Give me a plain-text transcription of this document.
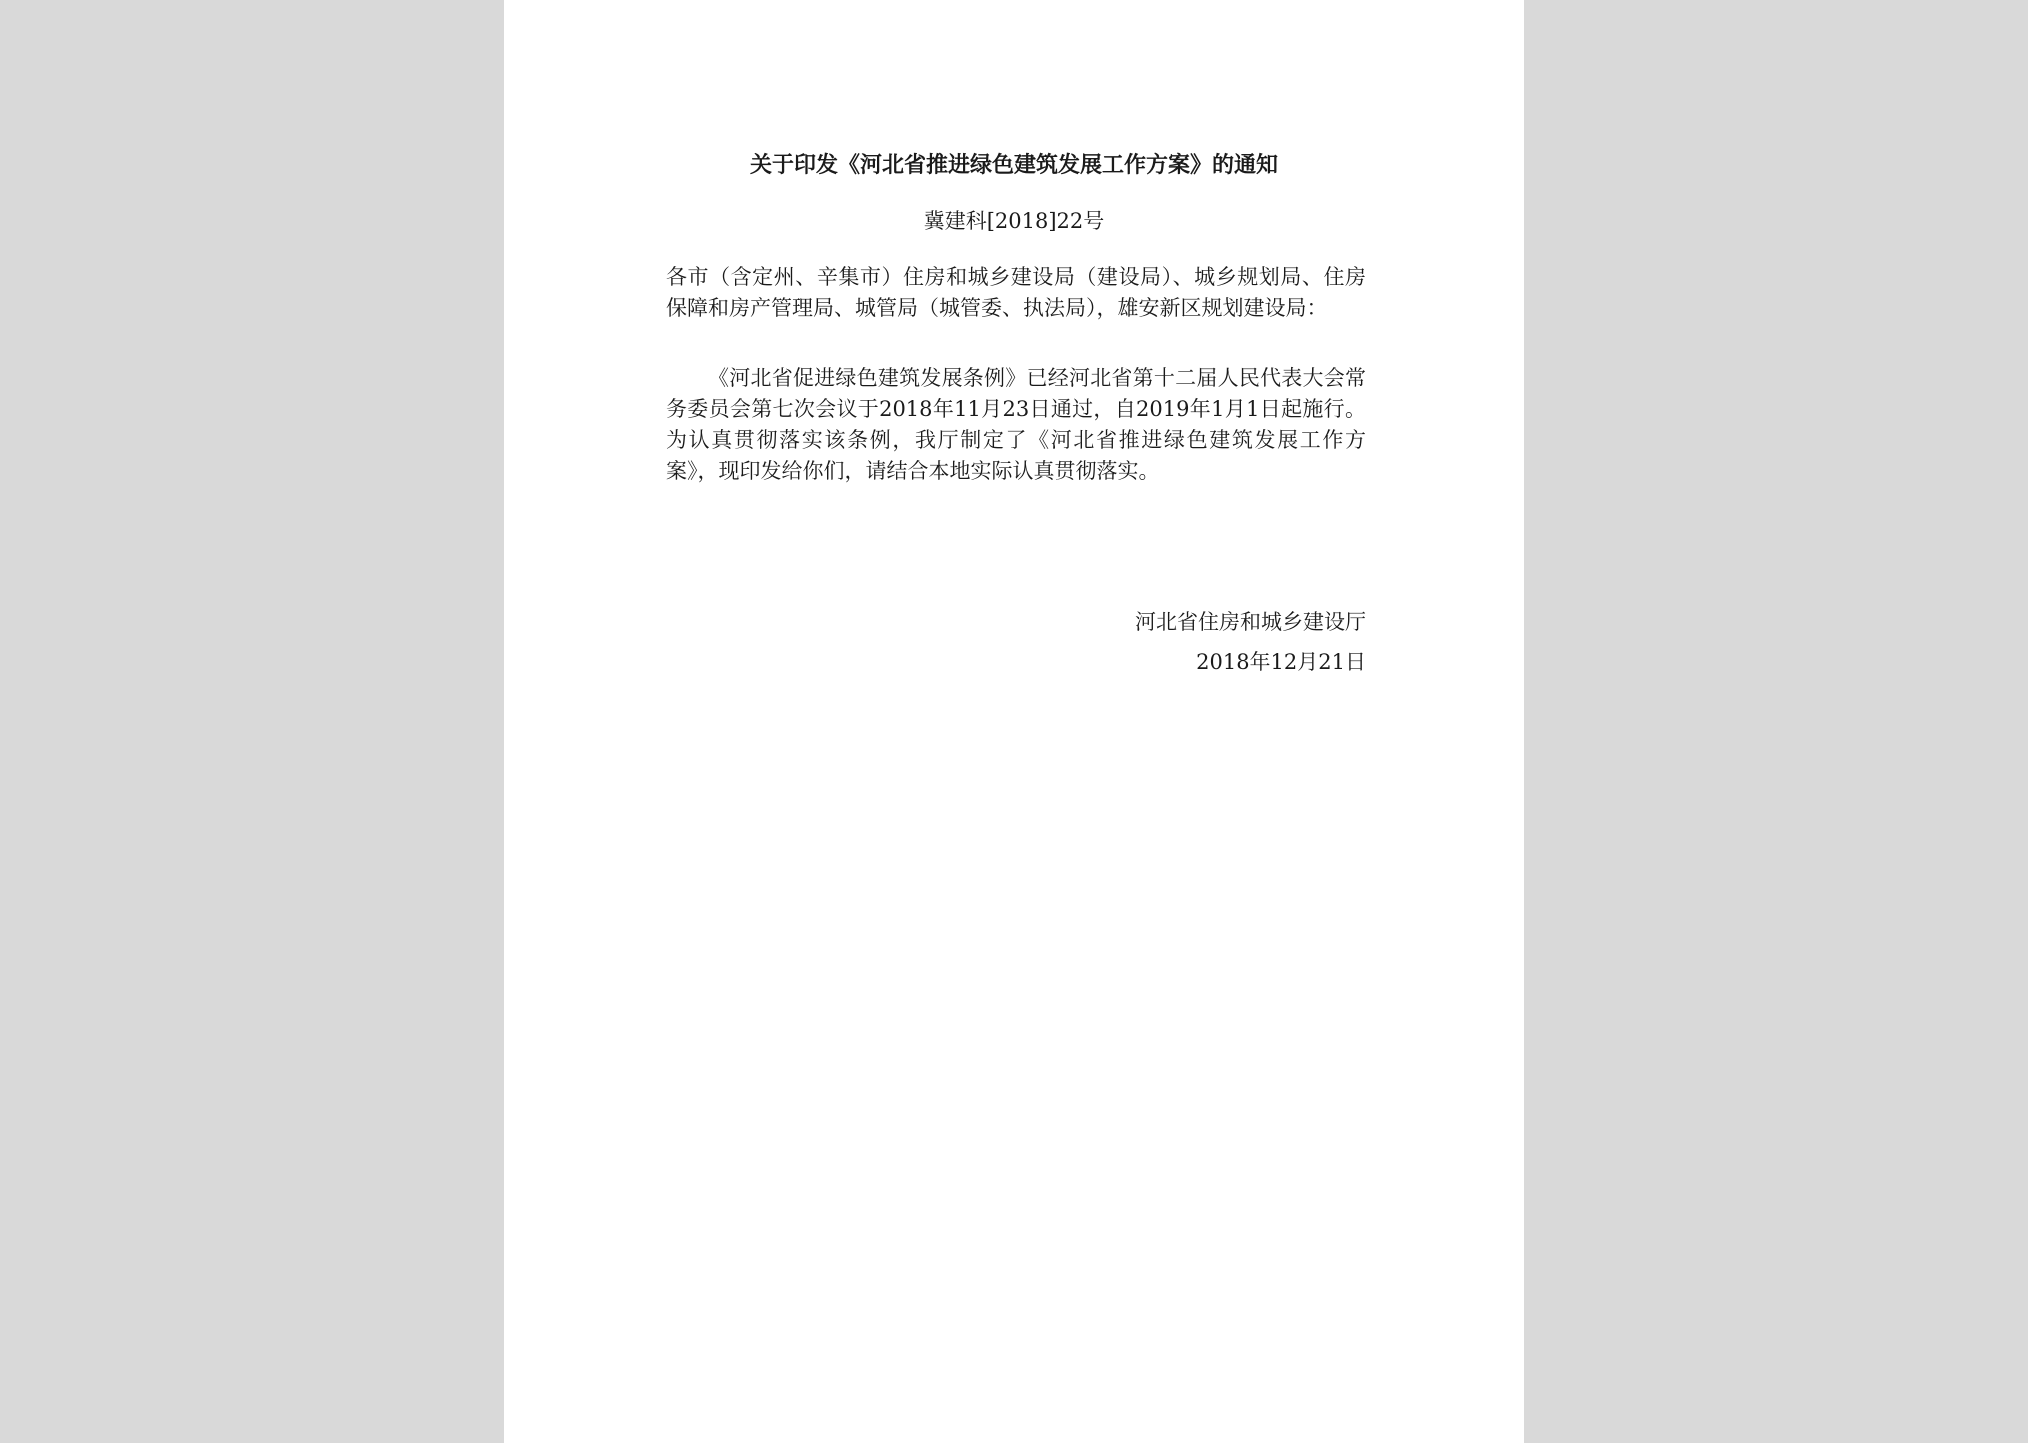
关于印发《河北省推进绿色建筑发展工作方案》的通知
冀建科[2018]22号
各市（含定州、辛集市）住房和城乡建设局（建设局）、城乡规划局、住房保障和房产管理局、城管局（城管委、执法局），雄安新区规划建设局：
《河北省促进绿色建筑发展条例》已经河北省第十二届人民代表大会常务委员会第七次会议于2018年11月23日通过，自2019年1月1日起施行。为认真贯彻落实该条例，我厅制定了《河北省推进绿色建筑发展工作方案》，现印发给你们，请结合本地实际认真贯彻落实。
河北省住房和城乡建设厅
2018年12月21日
